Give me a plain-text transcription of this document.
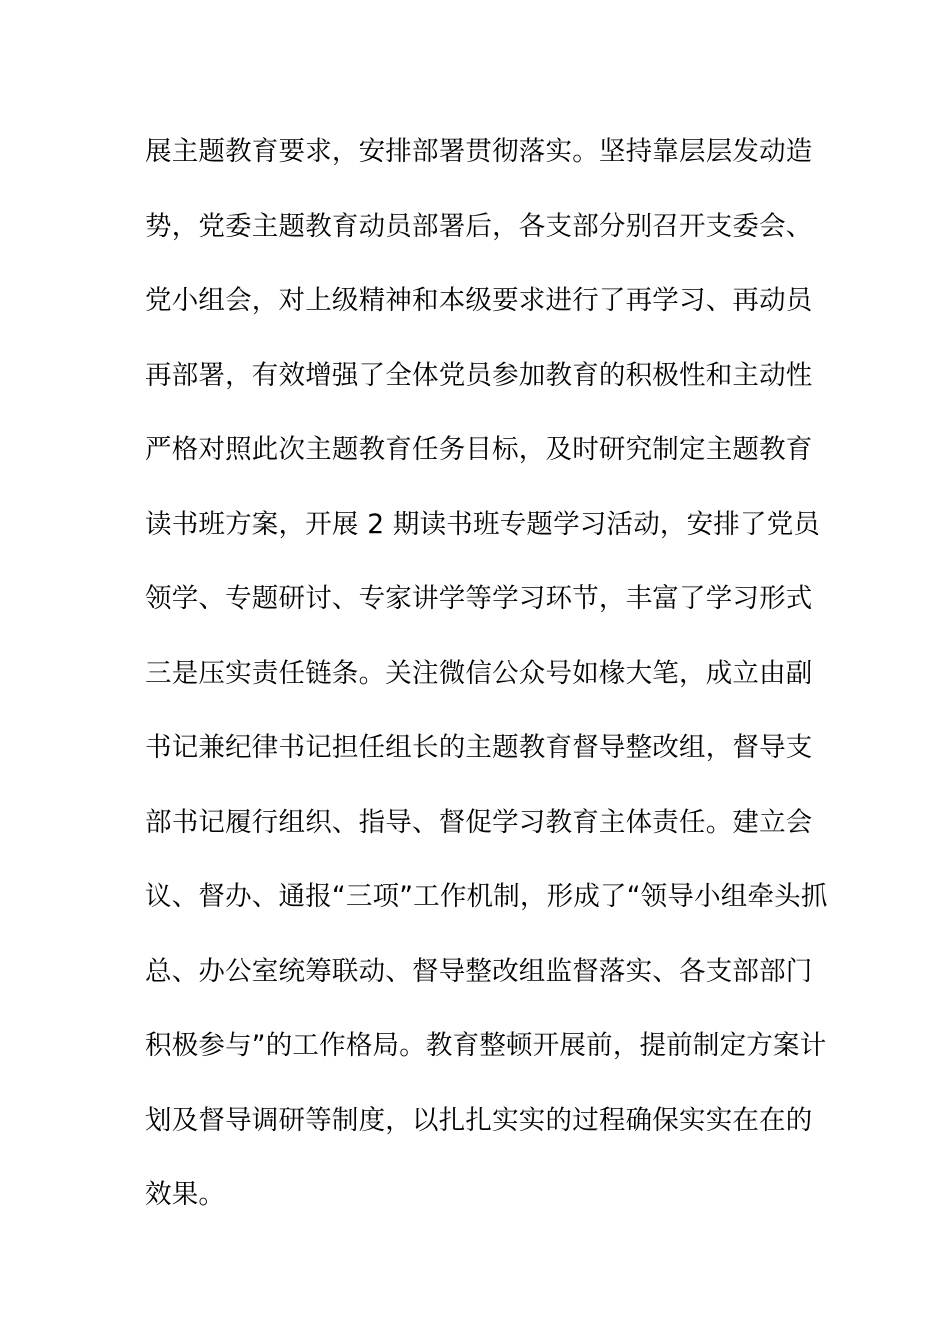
展主题教育要求，安排部署贯彻落实。坚持靠层层发动造
势，党委主题教育动员部署后，各支部分别召开支委会、
党小组会，对上级精神和本级要求进行了再学习、再动员
再部署，有效增强了全体党员参加教育的积极性和主动性
严格对照此次主题教育任务目标，及时研究制定主题教育
读书班方案，开展 2 期读书班专题学习活动，安排了党员
领学、专题研讨、专家讲学等学习环节，丰富了学习形式
三是压实责任链条。关注微信公众号如椽大笔，成立由副
书记兼纪律书记担任组长的主题教育督导整改组，督导支
部书记履行组织、指导、督促学习教育主体责任。建立会
议、督办、通报“三项”工作机制，形成了“领导小组牵头抓
总、办公室统筹联动、督导整改组监督落实、各支部部门
积极参与”的工作格局。教育整顿开展前，提前制定方案计
划及督导调研等制度，以扎扎实实的过程确保实实在在的
效果。
